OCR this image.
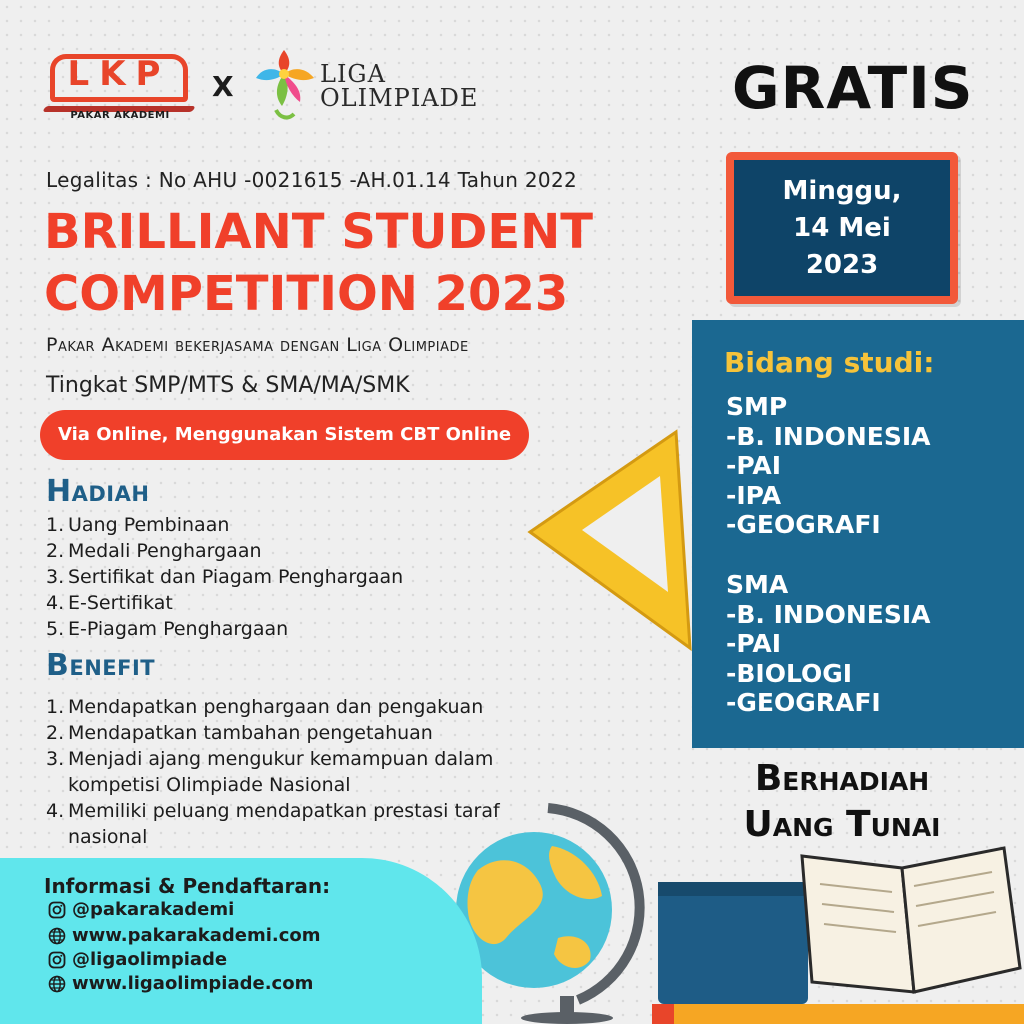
LKP
PAKAR AKADEMI
X	LIGA
OLIMPIADE	GRATIS
Minggu,
14 Mei
2023
Legalitas : No AHU -0021615 -AH.01.14 Tahun 2022
BRILLIANT STUDENT
COMPETITION 2023
Pakar Akademi bekerjasama dengan Liga Olimpiade
Tingkat SMP/MTS & SMA/MA/SMK
Via Online, Menggunakan Sistem CBT Online
Hadiah
1. Uang Pembinaan
2. Medali Penghargaan
3. Sertifikat dan Piagam Penghargaan
4. E-Sertifikat
5. E-Piagam Penghargaan
Benefit
1. Mendapatkan penghargaan dan pengakuan
2. Mendapatkan tambahan pengetahuan
3. Menjadi ajang mengukur kemampuan dalam kompetisi Olimpiade Nasional
4. Memiliki peluang mendapatkan prestasi taraf nasional
Bidang studi:
SMP
-B. INDONESIA
-PAI
-IPA
-GEOGRAFI
SMA
-B. INDONESIA
-PAI
-BIOLOGI
-GEOGRAFI
Berhadiah
Uang Tunai
Informasi & Pendaftaran:
@pakarakademi
www.pakarakademi.com
@ligaolimpiade
www.ligaolimpiade.com
